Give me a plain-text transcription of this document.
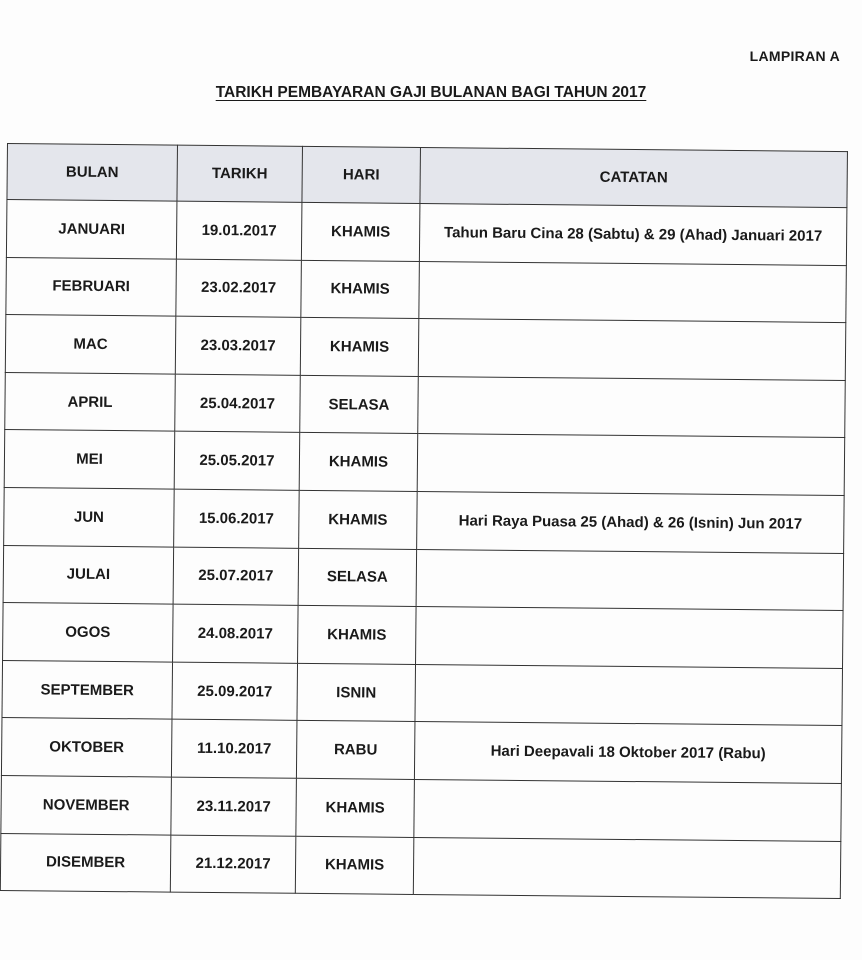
LAMPIRAN A
TARIKH PEMBAYARAN GAJI BULANAN BAGI TAHUN 2017
BULAN	TARIKH	HARI	CATATAN
JANUARI	19.01.2017	KHAMIS	Tahun Baru Cina 28 (Sabtu) & 29 (Ahad) Januari 2017
FEBRUARI	23.02.2017	KHAMIS	
MAC	23.03.2017	KHAMIS	
APRIL	25.04.2017	SELASA	
MEI	25.05.2017	KHAMIS	
JUN	15.06.2017	KHAMIS	Hari Raya Puasa 25 (Ahad) & 26 (Isnin) Jun 2017
JULAI	25.07.2017	SELASA	
OGOS	24.08.2017	KHAMIS	
SEPTEMBER	25.09.2017	ISNIN	
OKTOBER	11.10.2017	RABU	Hari Deepavali 18 Oktober 2017 (Rabu)
NOVEMBER	23.11.2017	KHAMIS	
DISEMBER	21.12.2017	KHAMIS	
